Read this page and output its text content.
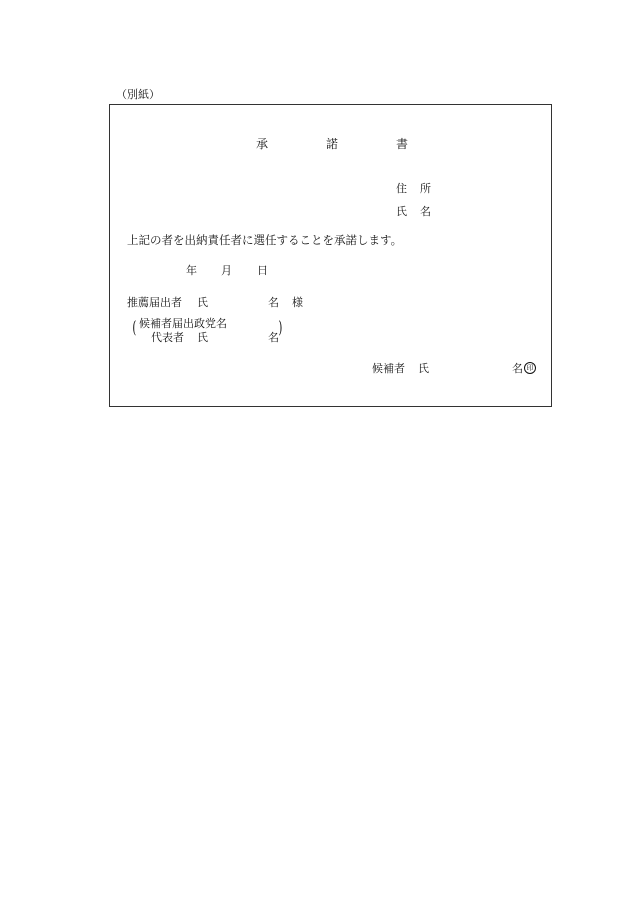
（別紙）
承	諾	書
住 所
氏 名
上記の者を出納責任者に選任することを承諾します。
年 月 日
推薦届出者 氏	名 様
( 候補者届出政党名
代表者 氏	名 )
候補者 氏	名 印
